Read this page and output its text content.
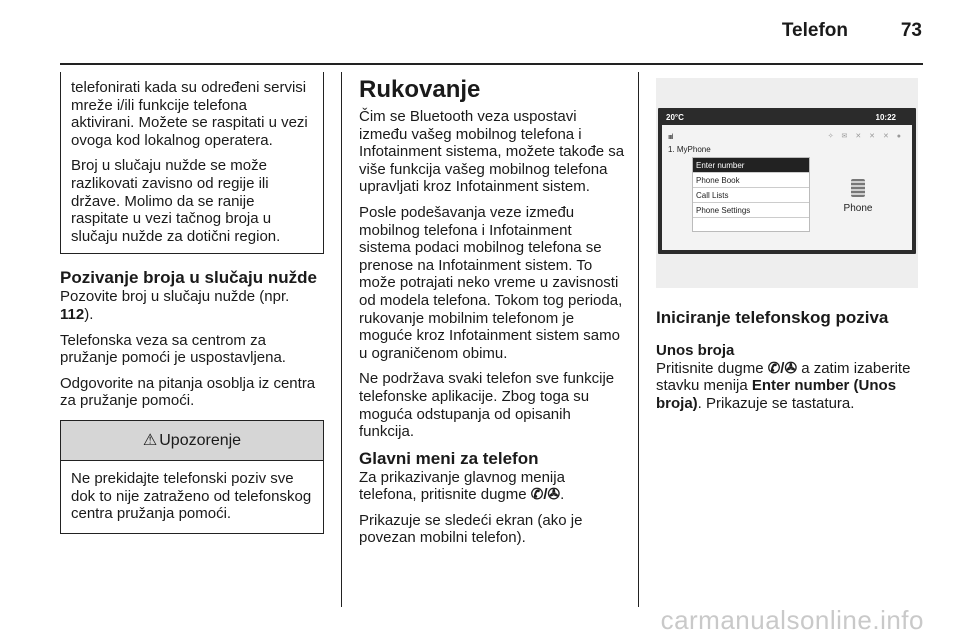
Telefon	73

telefonirati kada su određeni servisi mreže i/ili funkcije telefona aktivirani. Možete se raspitati u vezi ovoga kod lokalnog operatera.

Broj u slučaju nužde se može razlikovati zavisno od regije ili države. Molimo da se ranije raspitate u vezi tačnog broja u slučaju nužde za dotični region.

Pozivanje broja u slučaju nužde

Pozovite broj u slučaju nužde (npr. 112).

Telefonska veza sa centrom za pružanje pomoći je uspostavljena.

Odgovorite na pitanja osoblja iz centra za pružanje pomoći.

⚠ Upozorenje
Ne prekidajte telefonski poziv sve dok to nije zatraženo od telefonskog centra pružanja pomoći.
Rukovanje

Čim se Bluetooth veza uspostavi između vašeg mobilnog telefona i Infotainment sistema, možete takođe sa više funkcija vašeg mobilnog telefona upravljati kroz Infotainment sistem.

Posle podešavanja veze između mobilnog telefona i Infotainment sistema podaci mobilnog telefona se prenose na Infotainment sistem. To može potrajati neko vreme u zavisnosti od modela telefona. Tokom tog perioda, rukovanje mobilnim telefonom je moguće kroz Infotainment sistem samo u ograničenom obimu.

Ne podržava svaki telefon sve funkcije telefonske aplikacije. Zbog toga su moguća odstupanja od opisanih funkcija.

Glavni meni za telefon

Za prikazivanje glavnog menija telefona, pritisnite dugme ✆/✇.

Prikazuje se sledeći ekran (ako je povezan mobilni telefon).

20°C	10:22
ııııl	✧ ✉ ✕ ✕ ✕ ●
1. MyPhone
Enter number
Phone Book
Call Lists
Phone Settings	Phone
Iniciranje telefonskog poziva
Unos broja

Pritisnite dugme ✆/✇ a zatim izaberite stavku menija Enter number (Unos broja). Prikazuje se tastatura.

carmanualsonline.info
